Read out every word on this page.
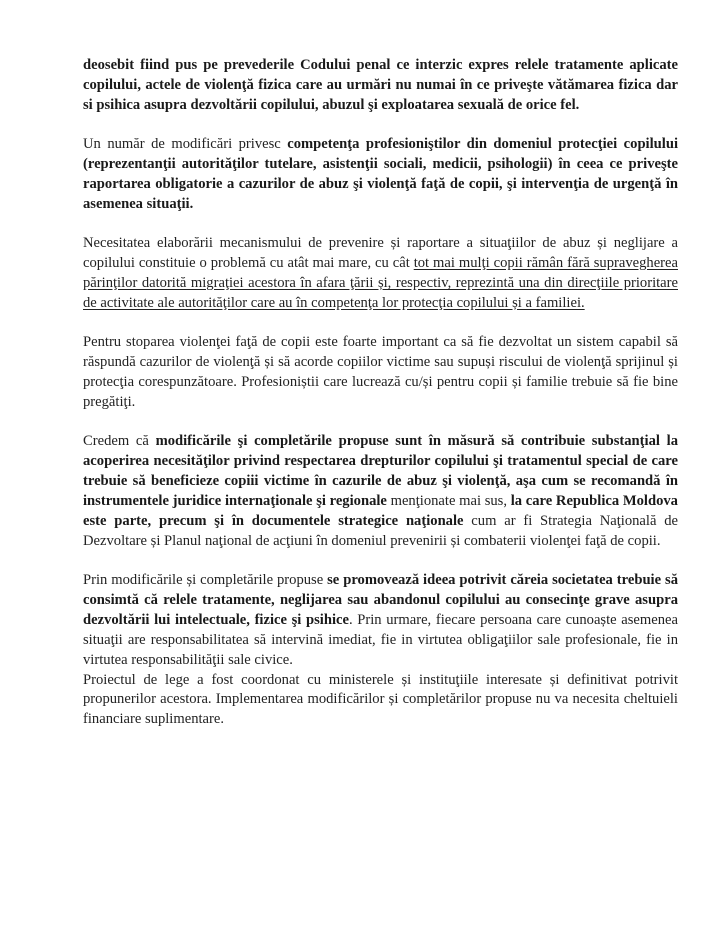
deosebit fiind pus pe prevederile Codului penal ce interzic expres relele tratamente aplicate copilului, actele de violenţă fizica care au urmări nu numai în ce priveşte vătămarea fizica dar si psihica asupra dezvoltării copilului, abuzul şi exploatarea sexuală de orice fel.

Un număr de modificări privesc competenţa profesioniştilor din domeniul protecţiei copilului (reprezentanţii autorităţilor tutelare, asistenţii sociali, medicii, psihologii) în ceea ce priveşte raportarea obligatorie a cazurilor de abuz şi violenţă faţă de copii, şi intervenţia de urgenţă în asemenea situaţii.

Necesitatea elaborării mecanismului de prevenire și raportare a situaţiilor de abuz și neglijare a copilului constituie o problemă cu atât mai mare, cu cât tot mai mulţi copii rămân fără supravegherea părinţilor datorită migraţiei acestora în afara ţării și, respectiv, reprezintă una din direcţiile prioritare de activitate ale autorităţilor care au în competenţa lor protecţia copilului și a familiei.

Pentru stoparea violenţei faţă de copii este foarte important ca să fie dezvoltat un sistem capabil să răspundă cazurilor de violenţă și să acorde copiilor victime sau supuși riscului de violenţă sprijinul și protecţia corespunzătoare. Profesioniștii care lucrează cu/și pentru copii și familie trebuie să fie bine pregătiţi.

Credem că modificările şi completările propuse sunt în măsură să contribuie substanţial la acoperirea necesităţilor privind respectarea drepturilor copilului şi tratamentul special de care trebuie să beneficieze copiii victime în cazurile de abuz şi violenţă, aşa cum se recomandă în instrumentele juridice internaţionale şi regionale menţionate mai sus, la care Republica Moldova este parte, precum şi în documentele strategice naţionale cum ar fi Strategia Naţională de Dezvoltare și Planul naţional de acţiuni în domeniul prevenirii și combaterii violenţei faţă de copii.

Prin modificările și completările propuse se promovează ideea potrivit căreia societatea trebuie să consimtă că relele tratamente, neglijarea sau abandonul copilului au consecinţe grave asupra dezvoltării lui intelectuale, fizice şi psihice. Prin urmare, fiecare persoana care cunoaște asemenea situaţii are responsabilitatea să intervină imediat, fie in virtutea obligaţiilor sale profesionale, fie in virtutea responsabilităţii sale civice.

Proiectul de lege a fost coordonat cu ministerele și instituţiile interesate și definitivat potrivit propunerilor acestora. Implementarea modificărilor și completărilor propuse nu va necesita cheltuieli financiare suplimentare.
